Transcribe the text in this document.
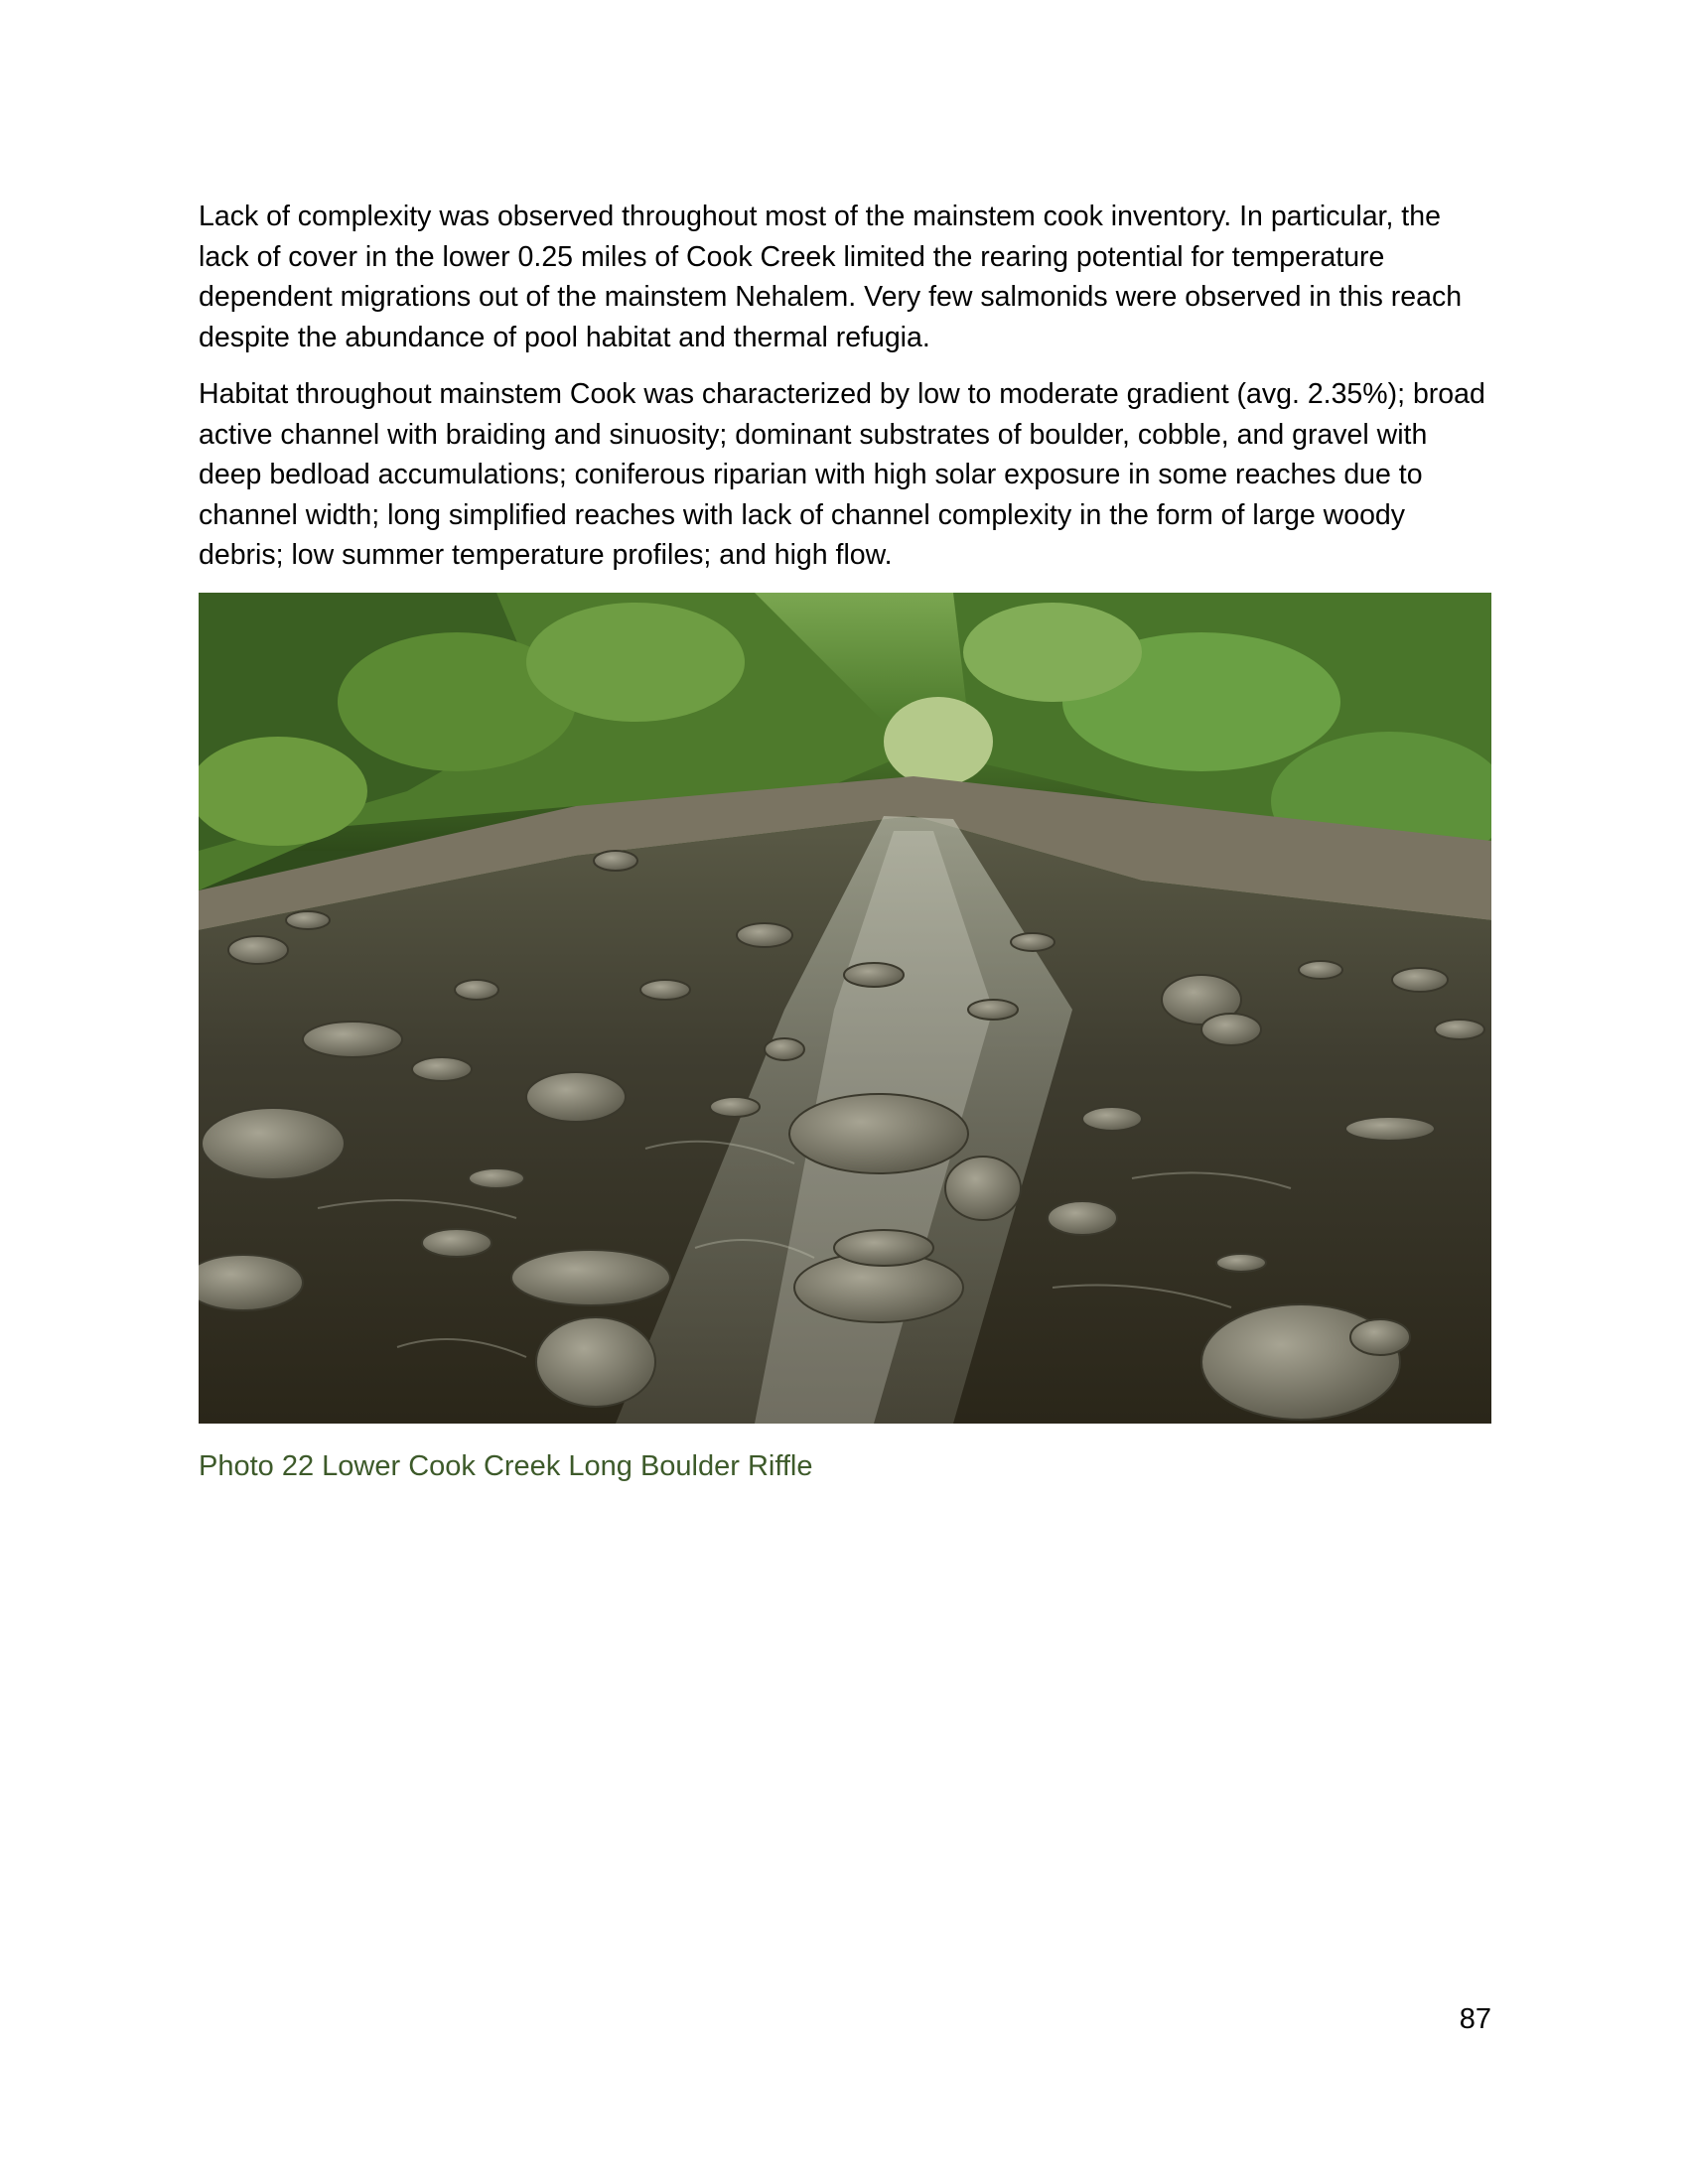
Lack of complexity was observed throughout most of the mainstem cook inventory. In particular, the lack of cover in the lower 0.25 miles of Cook Creek limited the rearing potential for temperature dependent migrations out of the mainstem Nehalem. Very few salmonids were observed in this reach despite the abundance of pool habitat and thermal refugia.

Habitat throughout mainstem Cook was characterized by low to moderate gradient (avg. 2.35%); broad active channel with braiding and sinuosity; dominant substrates of boulder, cobble, and gravel with deep bedload accumulations; coniferous riparian with high solar exposure in some reaches due to channel width; long simplified reaches with lack of channel complexity in the form of large woody debris; low summer temperature profiles; and high flow.

Photo 22 Lower Cook Creek Long Boulder Riffle

87
